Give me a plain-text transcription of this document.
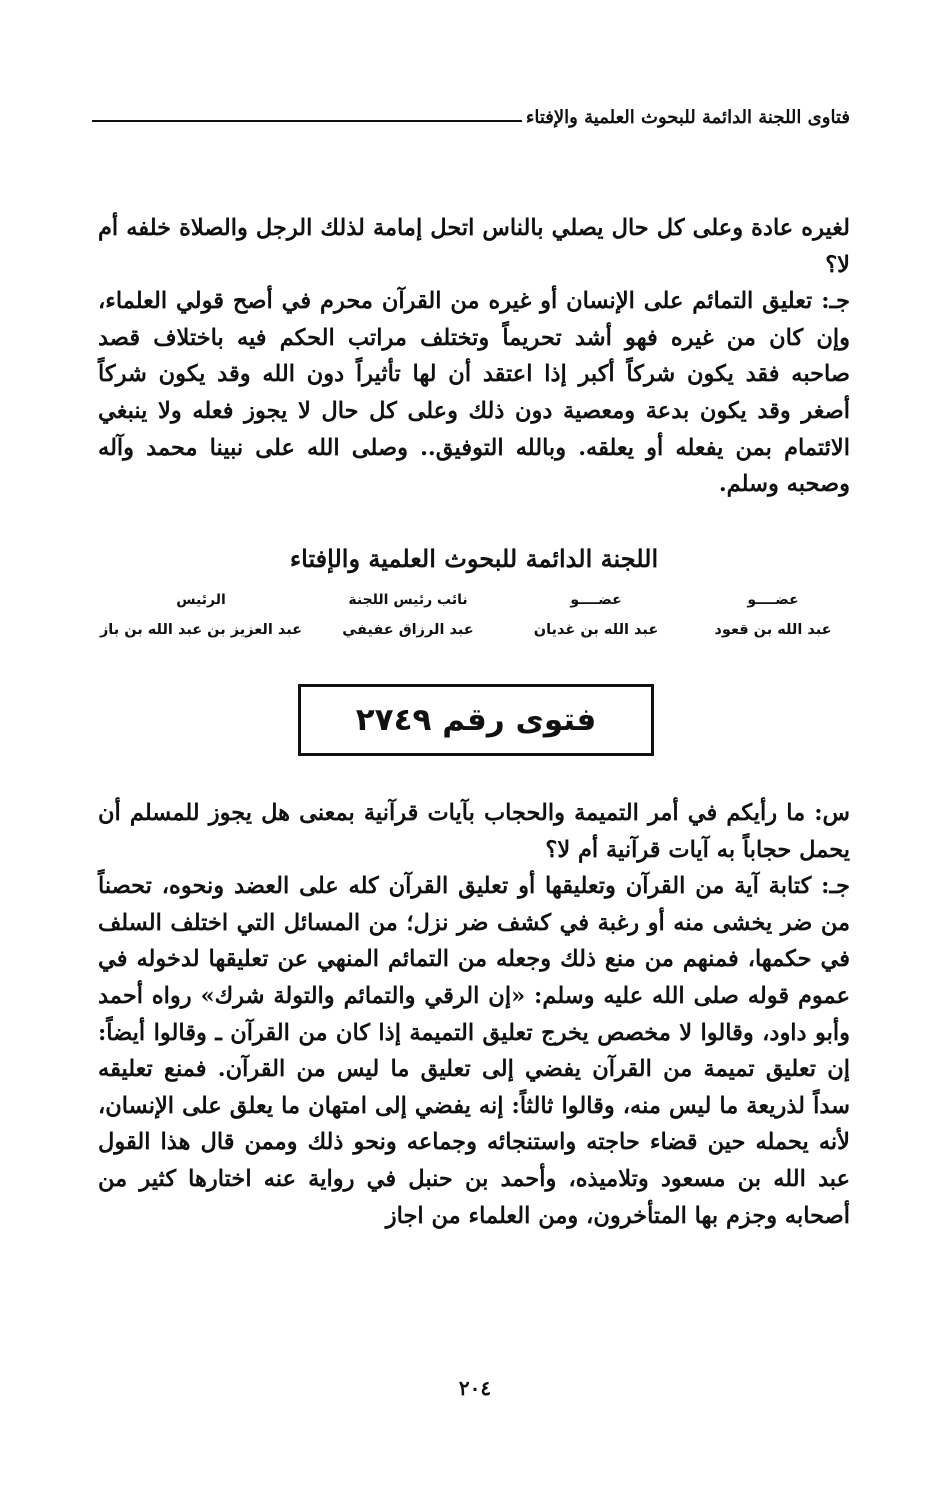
فتاوى اللجنة الدائمة للبحوث العلمية والإفتاء

لغيره عادة وعلى كل حال يصلي بالناس اتحل إمامة لذلك الرجل والصلاة خلفه أم لا؟

جـ: تعليق التمائم على الإنسان أو غيره من القرآن محرم في أصح قولي العلماء، وإن كان من غيره فهو أشد تحريماً وتختلف مراتب الحكم فيه باختلاف قصد صاحبه فقد يكون شركاً أكبر إذا اعتقد أن لها تأثيراً دون الله وقد يكون شركاً أصغر وقد يكون بدعة ومعصية دون ذلك وعلى كل حال لا يجوز فعله ولا ينبغي الائتمام بمن يفعله أو يعلقه. وبالله التوفيق.. وصلى الله على نبينا محمد وآله وصحبه وسلم.

اللجنة الدائمة للبحوث العلمية والإفتاء
عضــــو
عضــــو
نائب رئيس اللجنة
الرئيس
عبد الله بن قعود
عبد الله بن غديان
عبد الرزاق عفيفي
عبد العزيز بن عبد الله بن باز
فتوى رقم ٢٧٤٩

س: ما رأيكم في أمر التميمة والحجاب بآيات قرآنية بمعنى هل يجوز للمسلم أن يحمل حجاباً به آيات قرآنية أم لا؟

جـ: كتابة آية من القرآن وتعليقها أو تعليق القرآن كله على العضد ونحوه، تحصناً من ضر يخشى منه أو رغبة في كشف ضر نزل؛ من المسائل التي اختلف السلف في حكمها، فمنهم من منع ذلك وجعله من التمائم المنهي عن تعليقها لدخوله في عموم قوله صلى الله عليه وسلم: «إن الرقي والتمائم والتولة شرك» رواه أحمد وأبو داود، وقالوا لا مخصص يخرج تعليق التميمة إذا كان من القرآن ـ وقالوا أيضاً: إن تعليق تميمة من القرآن يفضي إلى تعليق ما ليس من القرآن. فمنع تعليقه سداً لذريعة ما ليس منه، وقالوا ثالثاً: إنه يفضي إلى امتهان ما يعلق على الإنسان، لأنه يحمله حين قضاء حاجته واستنجائه وجماعه ونحو ذلك وممن قال هذا القول عبد الله بن مسعود وتلاميذه، وأحمد بن حنبل في رواية عنه اختارها كثير من أصحابه وجزم بها المتأخرون، ومن العلماء من اجاز

٢٠٤
